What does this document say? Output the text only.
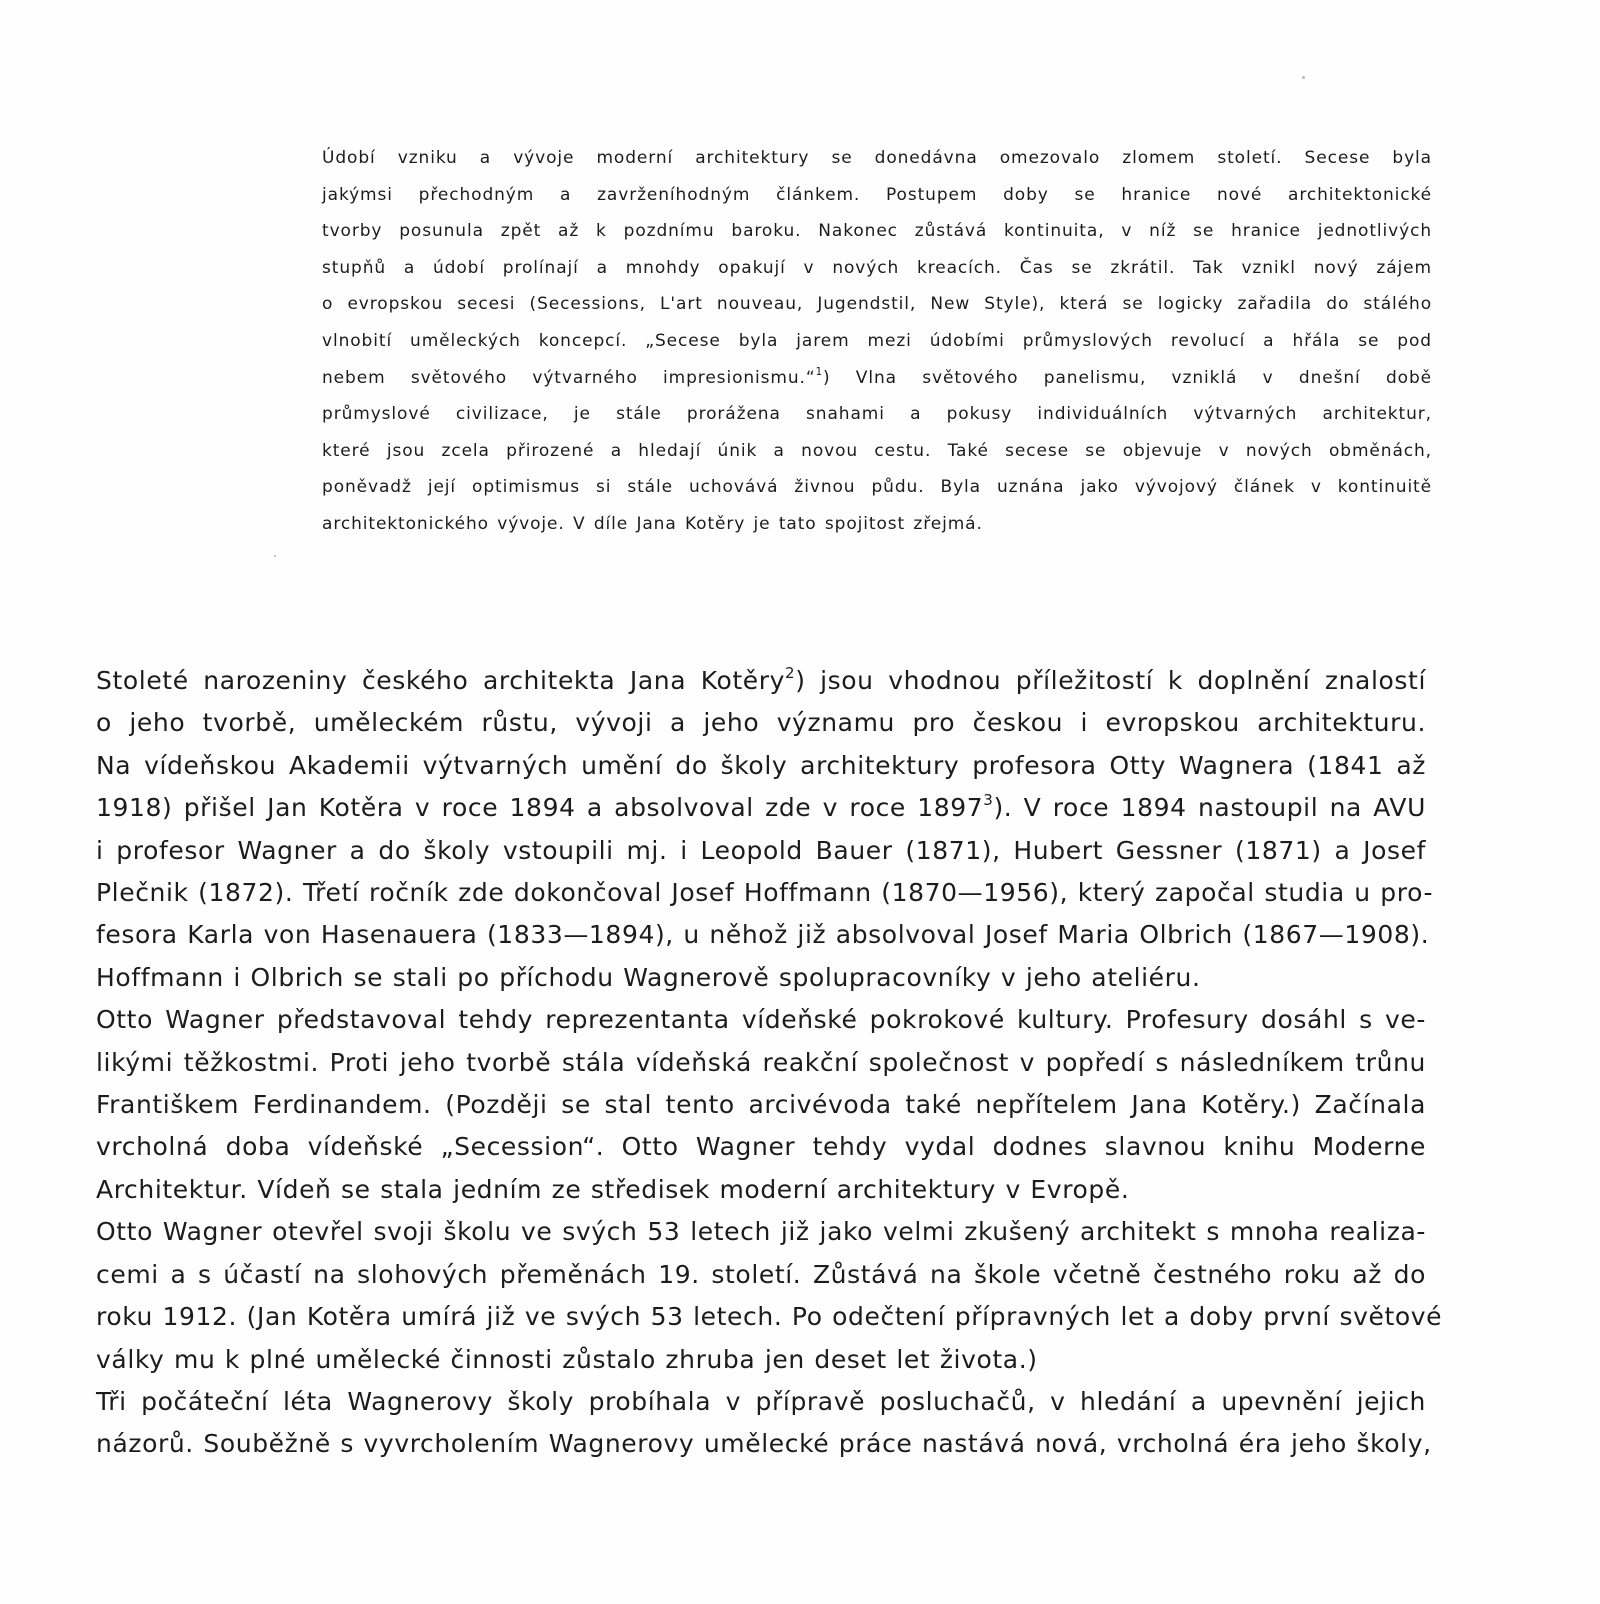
Údobí vzniku a vývoje moderní architektury se donedávna omezovalo zlomem století. Secese byla
jakýmsi přechodným a zavrženíhodným článkem. Postupem doby se hranice nové architektonické
tvorby posunula zpět až k pozdnímu baroku. Nakonec zůstává kontinuita, v níž se hranice jednotlivých
stupňů a údobí prolínají a mnohdy opakují v nových kreacích. Čas se zkrátil. Tak vznikl nový zájem
o evropskou secesi (Secessions, L'art nouveau, Jugendstil, New Style), která se logicky zařadila do stálého
vlnobití uměleckých koncepcí. „Secese byla jarem mezi údobími průmyslových revolucí a hřála se pod
nebem světového výtvarného impresionismu.“$^1$) Vlna světového panelismu, vzniklá v dnešní době
průmyslové civilizace, je stále prorážena snahami a pokusy individuálních výtvarných architektur,
které jsou zcela přirozené a hledají únik a novou cestu. Také secese se objevuje v nových obměnách,
poněvadž její optimismus si stále uchovává živnou půdu. Byla uznána jako vývojový článek v kontinuitě
architektonického vývoje. V díle Jana Kotěry je tato spojitost zřejmá.
Stoleté narozeniny českého architekta Jana Kotěry$^2$) jsou vhodnou příležitostí k doplnění znalostí
o jeho tvorbě, uměleckém růstu, vývoji a jeho významu pro českou i evropskou architekturu.
Na vídeňskou Akademii výtvarných umění do školy architektury profesora Otty Wagnera (1841 až
1918) přišel Jan Kotěra v roce 1894 a absolvoval zde v roce 1897$^3$). V roce 1894 nastoupil na AVU
i profesor Wagner a do školy vstoupili mj. i Leopold Bauer (1871), Hubert Gessner (1871) a Josef
Plečnik (1872). Třetí ročník zde dokončoval Josef Hoffmann (1870—1956), který započal studia u pro-
fesora Karla von Hasenauera (1833—1894), u něhož již absolvoval Josef Maria Olbrich (1867—1908).
Hoffmann i Olbrich se stali po příchodu Wagnerově spolupracovníky v jeho ateliéru.
Otto Wagner představoval tehdy reprezentanta vídeňské pokrokové kultury. Profesury dosáhl s ve-
likými těžkostmi. Proti jeho tvorbě stála vídeňská reakční společnost v popředí s následníkem trůnu
Františkem Ferdinandem. (Později se stal tento arcivévoda také nepřítelem Jana Kotěry.) Začínala
vrcholná doba vídeňské „Secession“. Otto Wagner tehdy vydal dodnes slavnou knihu Moderne
Architektur. Vídeň se stala jedním ze středisek moderní architektury v Evropě.
Otto Wagner otevřel svoji školu ve svých 53 letech již jako velmi zkušený architekt s mnoha realiza-
cemi a s účastí na slohových přeměnách 19. století. Zůstává na škole včetně čestného roku až do
roku 1912. (Jan Kotěra umírá již ve svých 53 letech. Po odečtení přípravných let a doby první světové
války mu k plné umělecké činnosti zůstalo zhruba jen deset let života.)
Tři počáteční léta Wagnerovy školy probíhala v přípravě posluchačů, v hledání a upevnění jejich
názorů. Souběžně s vyvrcholením Wagnerovy umělecké práce nastává nová, vrcholná éra jeho školy,
